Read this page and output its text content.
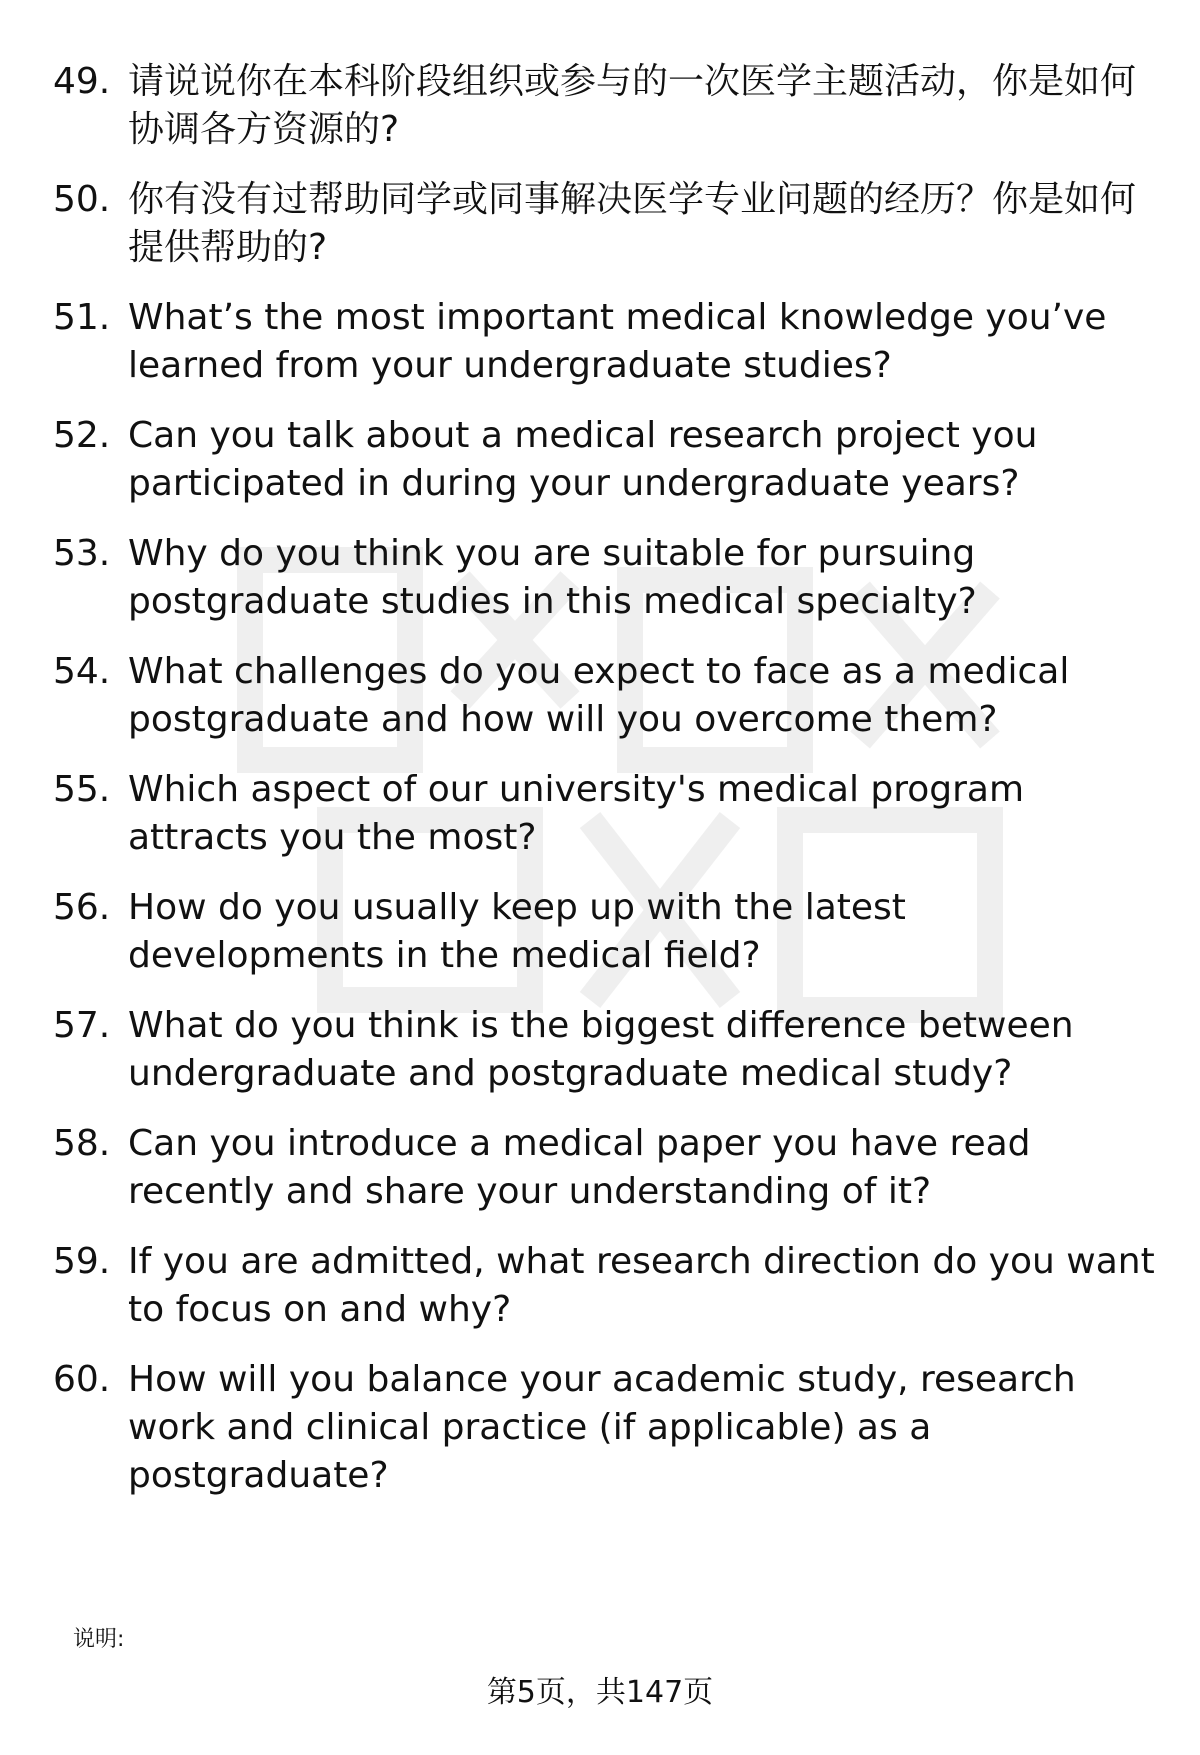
49. 请说说你在本科阶段组织或参与的一次医学主题活动，你是如何协调各方资源的?
50. 你有没有过帮助同学或同事解决医学专业问题的经历？你是如何提供帮助的?
51. What’s the most important medical knowledge you’ve learned from your undergraduate studies?
52. Can you talk about a medical research project you participated in during your undergraduate years?
53. Why do you think you are suitable for pursuing postgraduate studies in this medical specialty?
54. What challenges do you expect to face as a medical postgraduate and how will you overcome them?
55. Which aspect of our university's medical program attracts you the most?
56. How do you usually keep up with the latest developments in the medical field?
57. What do you think is the biggest difference between undergraduate and postgraduate medical study?
58. Can you introduce a medical paper you have read recently and share your understanding of it?
59. If you are admitted, what research direction do you want to focus on and why?
60. How will you balance your academic study, research work and clinical practice (if applicable) as a postgraduate?
说明:
第5页，共147页
